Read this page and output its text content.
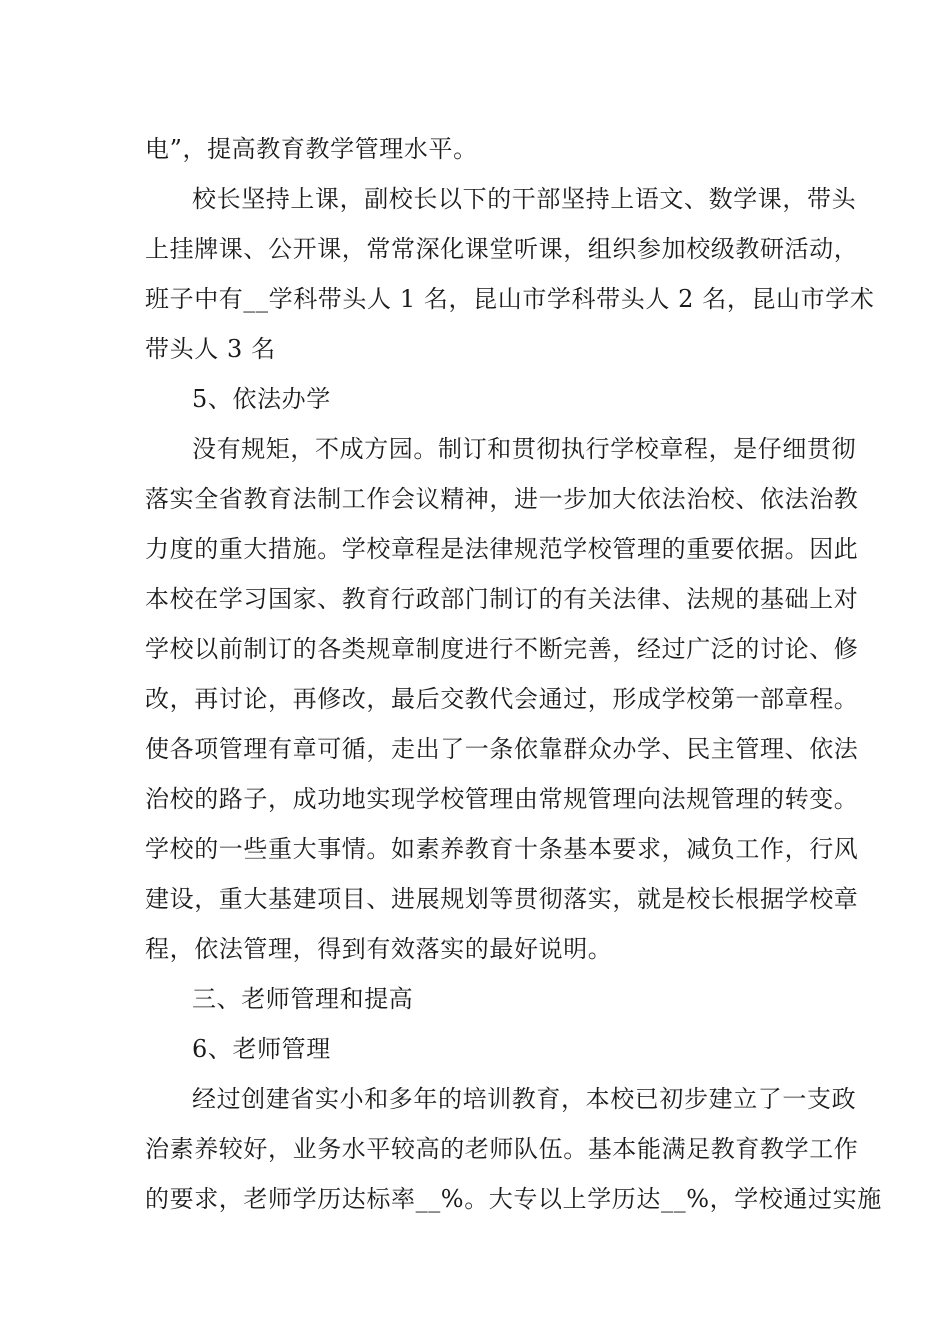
电”，提高教育教学管理水平。
校长坚持上课，副校长以下的干部坚持上语文、数学课，带头
上挂牌课、公开课，常常深化课堂听课，组织参加校级教研活动，
班子中有__学科带头人 1 名，昆山市学科带头人 2 名，昆山市学术
带头人 3 名
5、依法办学
没有规矩，不成方园。制订和贯彻执行学校章程，是仔细贯彻
落实全省教育法制工作会议精神，进一步加大依法治校、依法治教
力度的重大措施。学校章程是法律规范学校管理的重要依据。因此
本校在学习国家、教育行政部门制订的有关法律、法规的基础上对
学校以前制订的各类规章制度进行不断完善，经过广泛的讨论、修
改，再讨论，再修改，最后交教代会通过，形成学校第一部章程。
使各项管理有章可循，走出了一条依靠群众办学、民主管理、依法
治校的路子，成功地实现学校管理由常规管理向法规管理的转变。
学校的一些重大事情。如素养教育十条基本要求，减负工作，行风
建设，重大基建项目、进展规划等贯彻落实，就是校长根据学校章
程，依法管理，得到有效落实的最好说明。
三、老师管理和提高
6、老师管理
经过创建省实小和多年的培训教育，本校已初步建立了一支政
治素养较好，业务水平较高的老师队伍。基本能满足教育教学工作
的要求，老师学历达标率__%。大专以上学历达__%，学校通过实施
